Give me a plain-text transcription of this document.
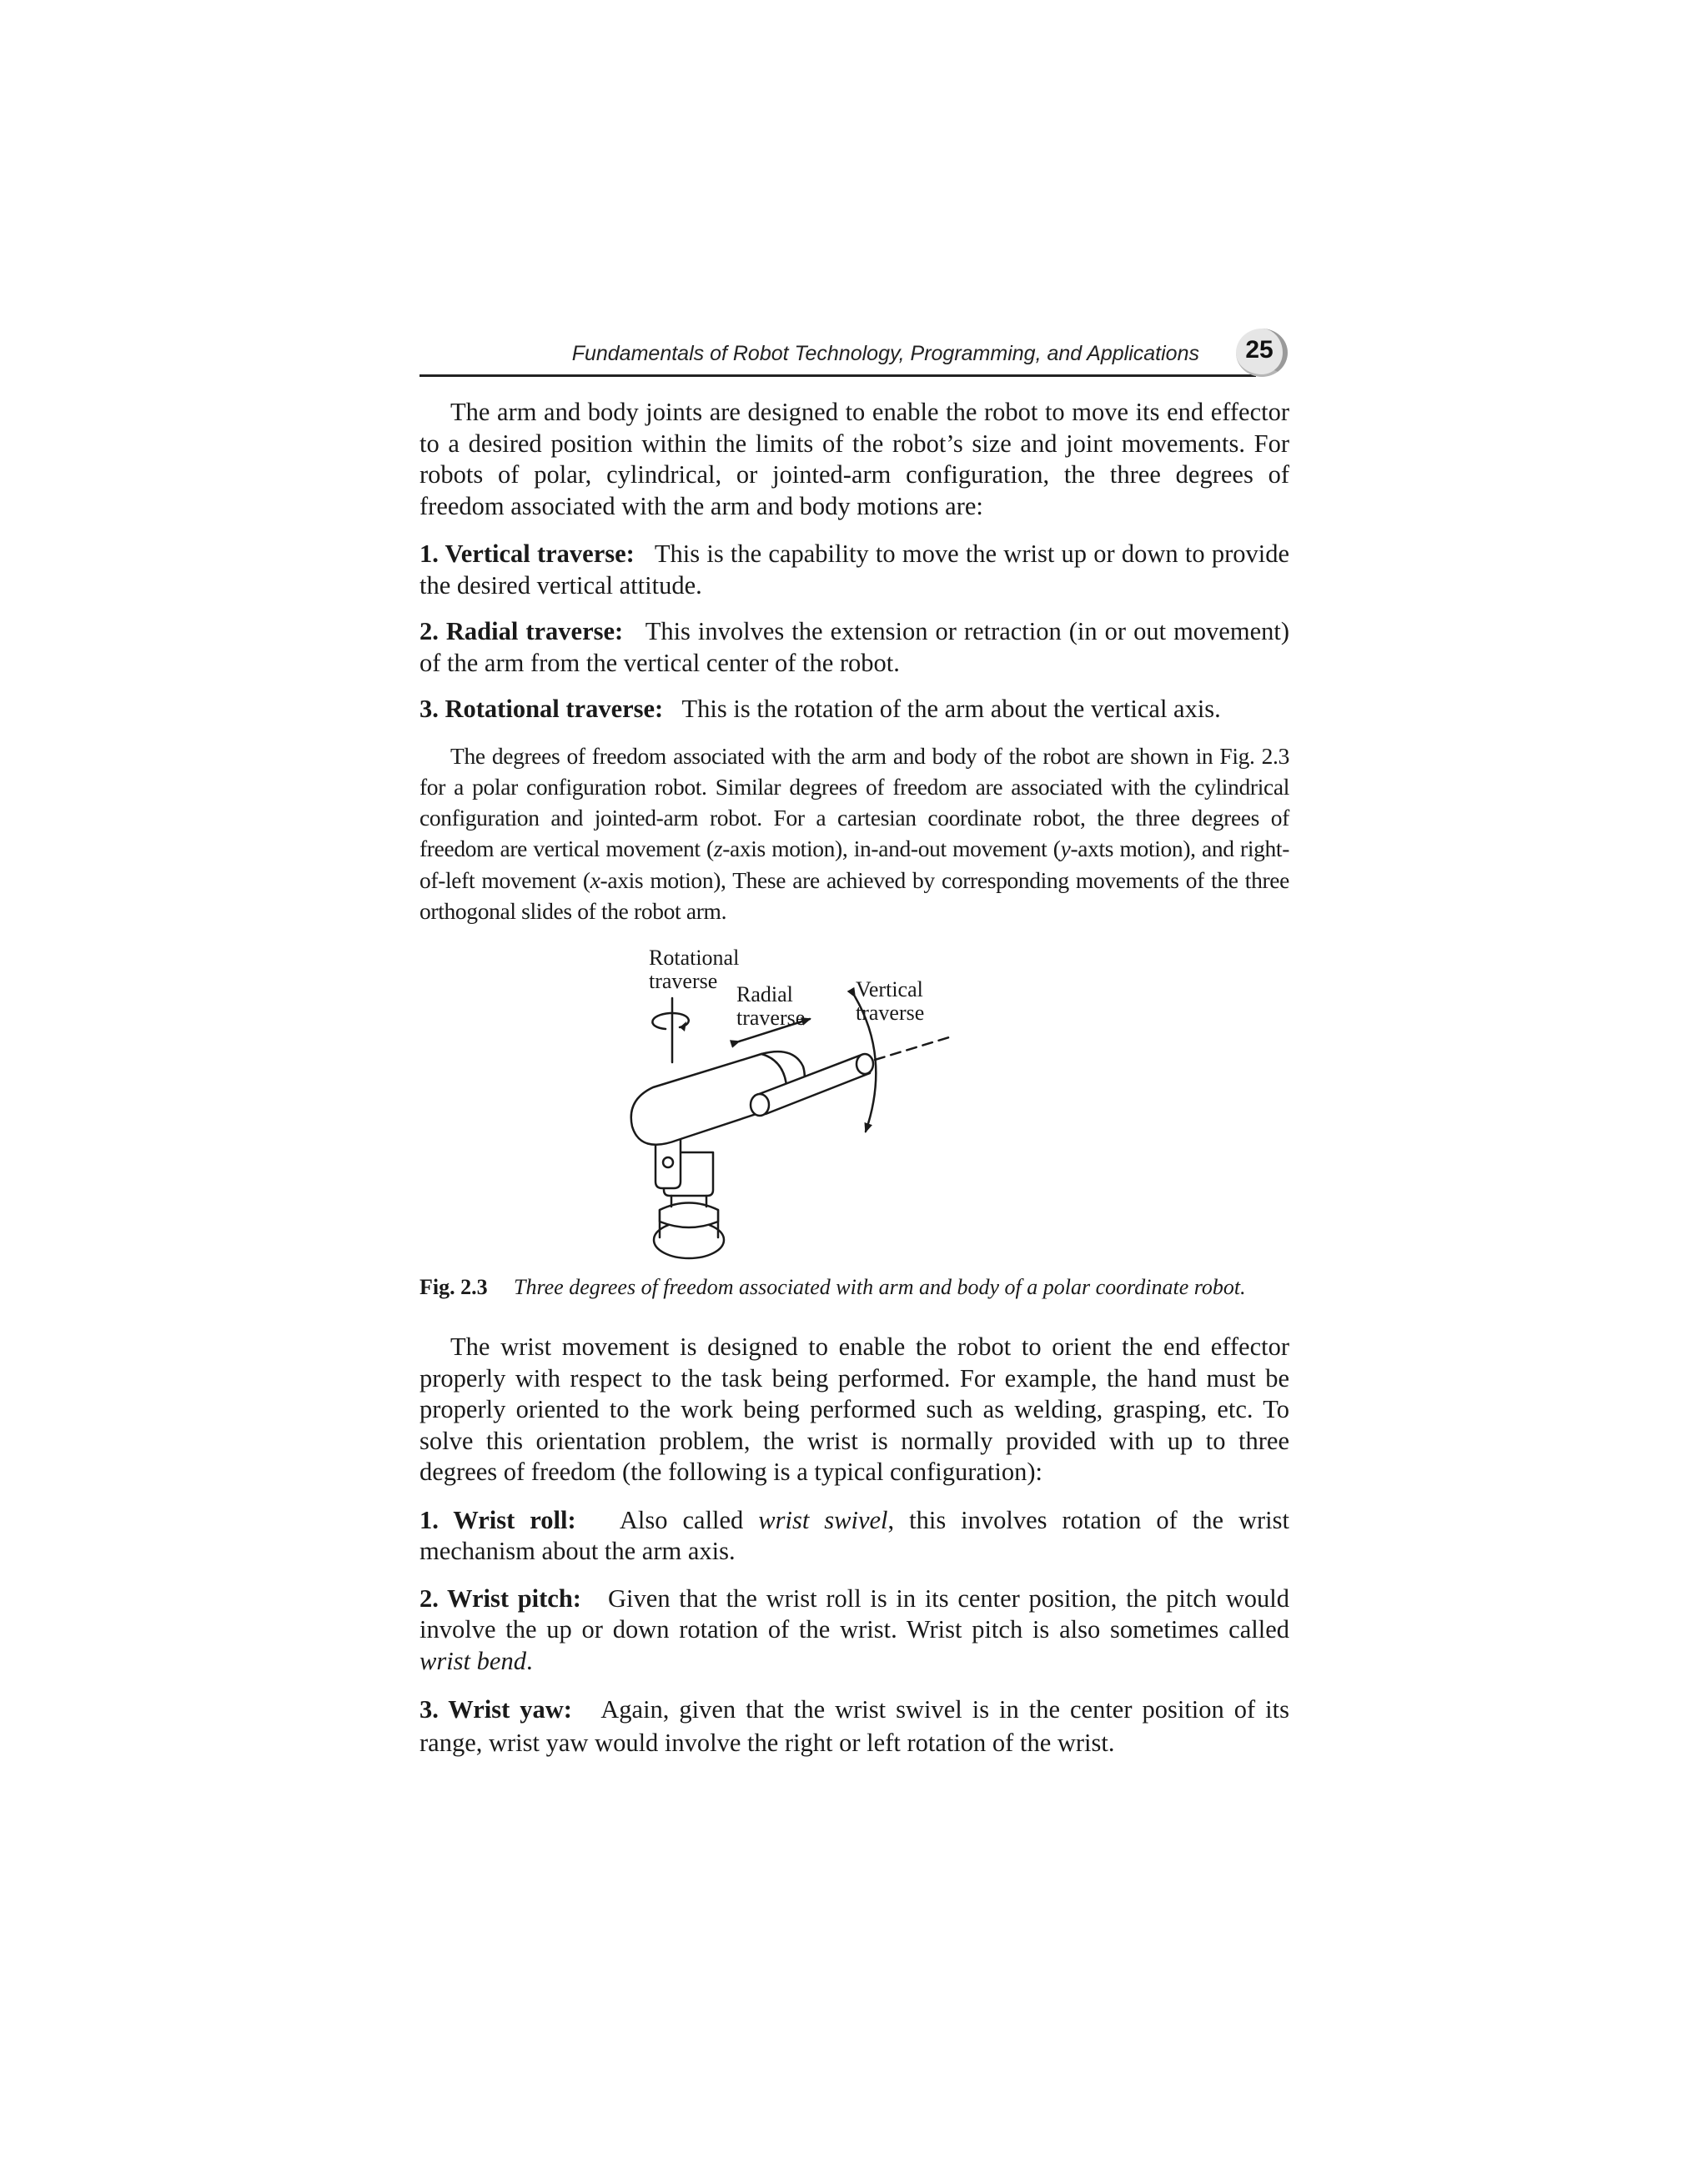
Fundamentals of Robot Technology, Programming, and Applications	25

The arm and body joints are designed to enable the robot to move its end effector to a desired position within the limits of the robot’s size and joint movements. For robots of polar, cylindrical, or jointed-arm configuration, the three degrees of freedom associated with the arm and body motions are:

1. Vertical traverse: This is the capability to move the wrist up or down to provide the desired vertical attitude.

2. Radial traverse: This involves the extension or retraction (in or out movement) of the arm from the vertical center of the robot.

3. Rotational traverse: This is the rotation of the arm about the vertical axis.

The degrees of freedom associated with the arm and body of the robot are shown in Fig. 2.3 for a polar configuration robot. Similar degrees of freedom are associated with the cylindrical configuration and jointed-arm robot. For a cartesian coordinate robot, the three degrees of freedom are vertical movement (z-axis motion), in-and-out movement (y-axts motion), and right-of-left movement (x-axis motion), These are achieved by corresponding movements of the three orthogonal slides of the robot arm.

Rotational
traverse
Radial
traverse
Vertical
traverse
Fig. 2.3 Three degrees of freedom associated with arm and body of a polar coordinate robot.

The wrist movement is designed to enable the robot to orient the end effector properly with respect to the task being performed. For example, the hand must be properly oriented to the work being performed such as welding, grasping, etc. To solve this orientation problem, the wrist is normally provided with up to three degrees of freedom (the following is a typical configuration):

1. Wrist roll: Also called wrist swivel, this involves rotation of the wrist mechanism about the arm axis.

2. Wrist pitch: Given that the wrist roll is in its center position, the pitch would involve the up or down rotation of the wrist. Wrist pitch is also sometimes called wrist bend.

3. Wrist yaw: Again, given that the wrist swivel is in the center position of its range, wrist yaw would involve the right or left rotation of the wrist.
